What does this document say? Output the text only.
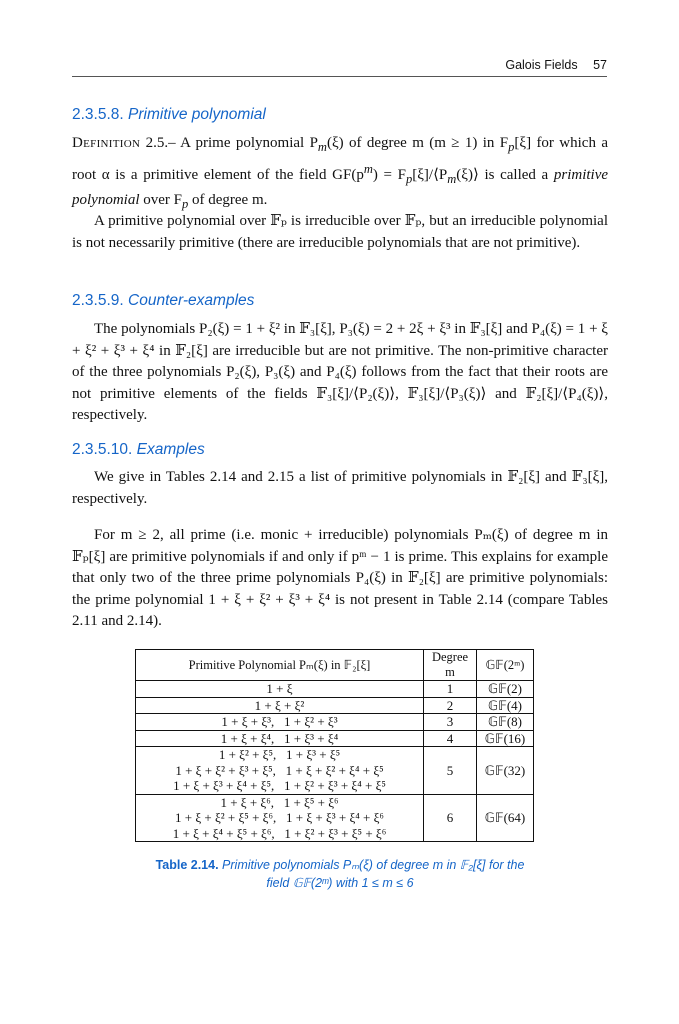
Galois Fields 57
2.3.5.8. Primitive polynomial
Definition 2.5.– A prime polynomial $P_m(\xi)$ of degree m (m ≥ 1) in $F_p[\xi]$ for which a root α is a primitive element of the field $GF(p^m)$ = $F_p[\xi]/⟨P_m(\xi)⟩$ is called a primitive polynomial over $F_p$ of degree m.
A primitive polynomial over 𝔽ₚ is irreducible over 𝔽ₚ, but an irreducible polynomial is not necessarily primitive (there are irreducible polynomials that are not primitive).
2.3.5.9. Counter-examples
The polynomials P₂(ξ) = 1 + ξ² in 𝔽₃[ξ], P₃(ξ) = 2 + 2ξ + ξ³ in 𝔽₃[ξ] and P₄(ξ) = 1 + ξ + ξ² + ξ³ + ξ⁴ in 𝔽₂[ξ] are irreducible but are not primitive. The non-primitive character of the three polynomials P₂(ξ), P₃(ξ) and P₄(ξ) follows from the fact that their roots are not primitive elements of the fields 𝔽₃[ξ]/⟨P₂(ξ)⟩, 𝔽₃[ξ]/⟨P₃(ξ)⟩ and 𝔽₂[ξ]/⟨P₄(ξ)⟩, respectively.
2.3.5.10. Examples
We give in Tables 2.14 and 2.15 a list of primitive polynomials in 𝔽₂[ξ] and 𝔽₃[ξ], respectively.
For m ≥ 2, all prime (i.e. monic + irreducible) polynomials Pₘ(ξ) of degree m in 𝔽ₚ[ξ] are primitive polynomials if and only if pᵐ − 1 is prime. This explains for example that only two of the three prime polynomials P₄(ξ) in 𝔽₂[ξ] are primitive polynomials: the prime polynomial 1 + ξ + ξ² + ξ³ + ξ⁴ is not present in Table 2.14 (compare Tables 2.11 and 2.14).
Primitive Polynomial Pₘ(ξ) in 𝔽₂[ξ]	Degree m	𝔾𝔽(2ᵐ)

1 + ξ	1	𝔾𝔽(2)

1 + ξ + ξ²	2	𝔾𝔽(4)

1 + ξ + ξ³,   1 + ξ² + ξ³	3	𝔾𝔽(8)

1 + ξ + ξ⁴,   1 + ξ³ + ξ⁴	4	𝔾𝔽(16)

1 + ξ² + ξ⁵,   1 + ξ³ + ξ⁵
1 + ξ + ξ² + ξ³ + ξ⁵,   1 + ξ + ξ² + ξ⁴ + ξ⁵
1 + ξ + ξ³ + ξ⁴ + ξ⁵,   1 + ξ² + ξ³ + ξ⁴ + ξ⁵	5	𝔾𝔽(32)

1 + ξ + ξ⁶,   1 + ξ⁵ + ξ⁶
1 + ξ + ξ² + ξ⁵ + ξ⁶,   1 + ξ + ξ³ + ξ⁴ + ξ⁶
1 + ξ + ξ⁴ + ξ⁵ + ξ⁶,   1 + ξ² + ξ³ + ξ⁵ + ξ⁶	6	𝔾𝔽(64)
Table 2.14. Primitive polynomials Pₘ(ξ) of degree m in 𝔽₂[ξ] for the
field 𝔾𝔽(2ᵐ) with 1 ≤ m ≤ 6
